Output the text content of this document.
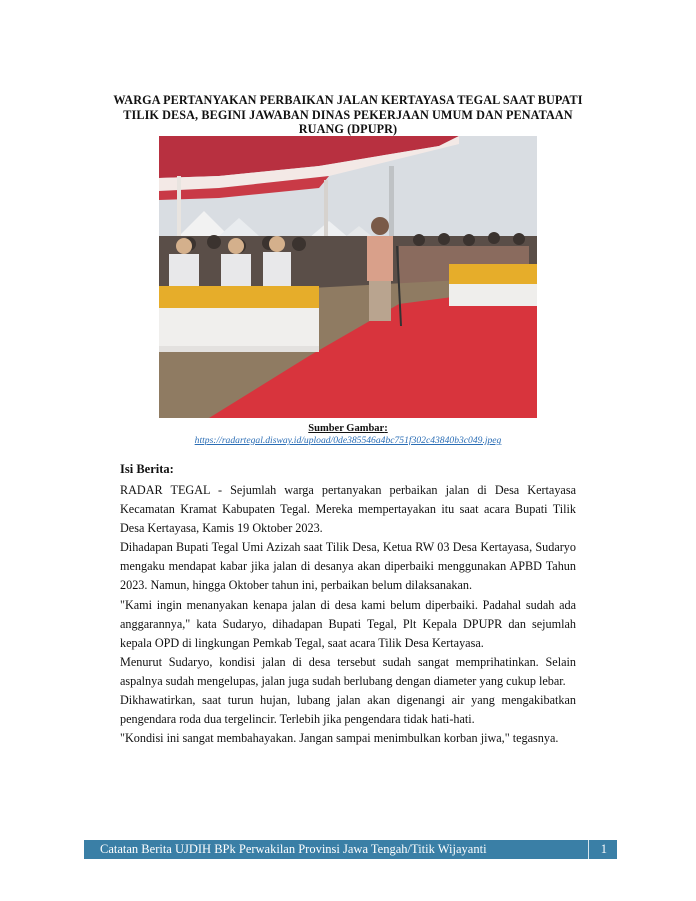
WARGA PERTANYAKAN PERBAIKAN JALAN KERTAYASA TEGAL SAAT BUPATI TILIK DESA, BEGINI JAWABAN DINAS PEKERJAAN UMUM DAN PENATAAN RUANG (DPUPR)
Sumber Gambar:
https://radartegal.disway.id/upload/0de385546a4bc751f302c43840b3c049.jpeg
Isi Berita:

RADAR TEGAL - Sejumlah warga pertanyakan perbaikan jalan di Desa Kertayasa Kecamatan Kramat Kabupaten Tegal. Mereka mempertayakan itu saat acara Bupati Tilik Desa Kertayasa, Kamis 19 Oktober 2023.

Dihadapan Bupati Tegal Umi Azizah saat Tilik Desa, Ketua RW 03 Desa Kertayasa, Sudaryo mengaku mendapat kabar jika jalan di desanya akan diperbaiki menggunakan APBD Tahun 2023. Namun, hingga Oktober tahun ini, perbaikan belum dilaksanakan.

"Kami ingin menanyakan kenapa jalan di desa kami belum diperbaiki. Padahal sudah ada anggarannya," kata Sudaryo, dihadapan Bupati Tegal, Plt Kepala DPUPR dan sejumlah kepala OPD di lingkungan Pemkab Tegal, saat acara Tilik Desa Kertayasa.

Menurut Sudaryo, kondisi jalan di desa tersebut sudah sangat memprihatinkan. Selain aspalnya sudah mengelupas, jalan juga sudah berlubang dengan diameter yang cukup lebar.

Dikhawatirkan, saat turun hujan, lubang jalan akan digenangi air yang mengakibatkan pengendara roda dua tergelincir. Terlebih jika pengendara tidak hati-hati.

"Kondisi ini sangat membahayakan. Jangan sampai menimbulkan korban jiwa," tegasnya.

Catatan Berita UJDIH BPk Perwakilan Provinsi Jawa Tengah/Titik Wijayanti	1
